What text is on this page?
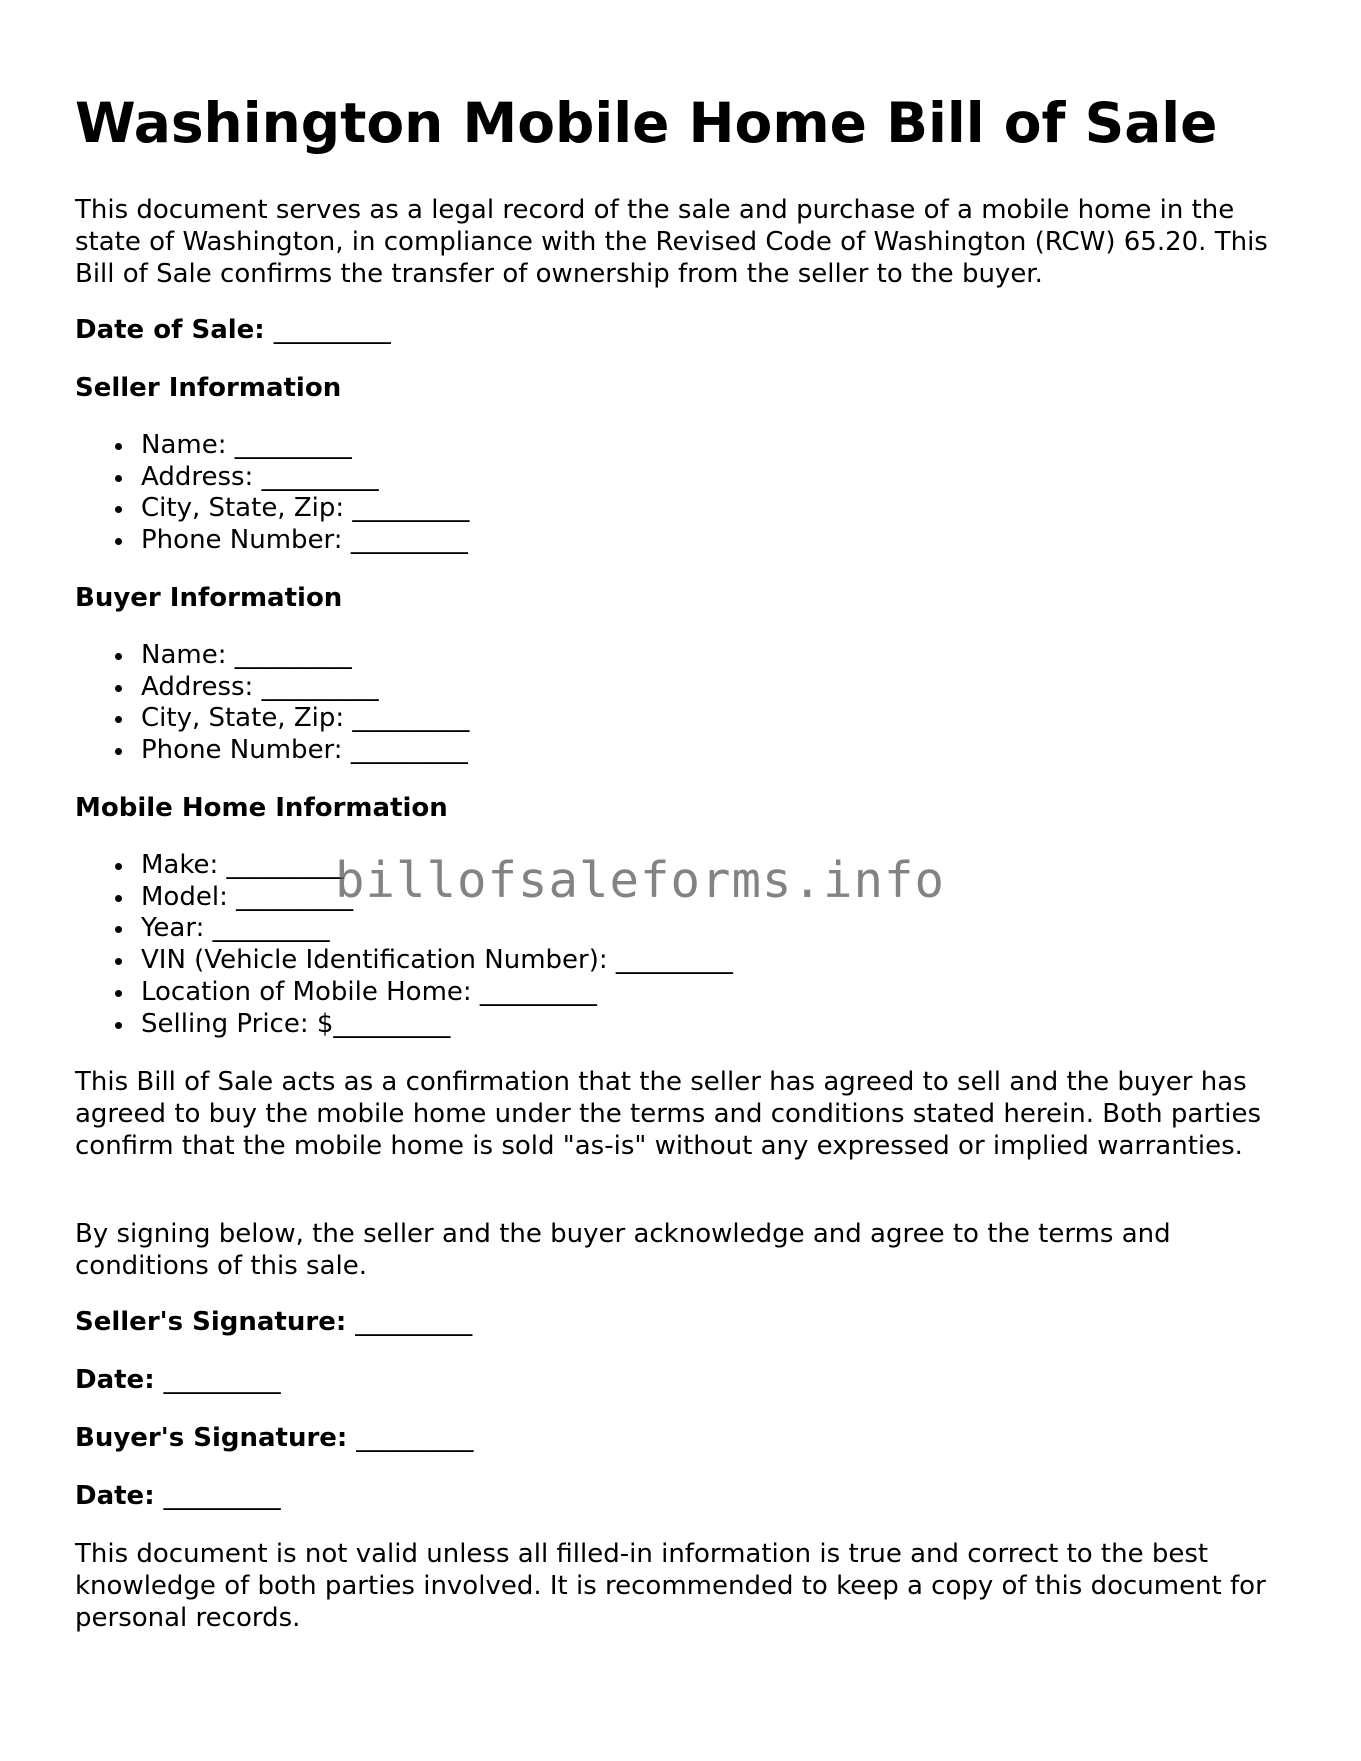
Washington Mobile Home Bill of Sale

This document serves as a legal record of the sale and purchase of a mobile home in the state of Washington, in compliance with the Revised Code of Washington (RCW) 65.20. This Bill of Sale confirms the transfer of ownership from the seller to the buyer.

Date of Sale: _________

Seller Information

Name: _________
Address: _________
City, State, Zip: _________
Phone Number: _________

Buyer Information

Name: _________
Address: _________
City, State, Zip: _________
Phone Number: _________

Mobile Home Information

Make: _________
Model: _________
Year: _________
VIN (Vehicle Identification Number): _________
Location of Mobile Home: _________
Selling Price: $_________

This Bill of Sale acts as a confirmation that the seller has agreed to sell and the buyer has agreed to buy the mobile home under the terms and conditions stated herein. Both parties confirm that the mobile home is sold "as-is" without any expressed or implied warranties.

By signing below, the seller and the buyer acknowledge and agree to the terms and conditions of this sale.

Seller's Signature: _________

Date: _________

Buyer's Signature: _________

Date: _________

This document is not valid unless all filled-in information is true and correct to the best knowledge of both parties involved. It is recommended to keep a copy of this document for personal records.

billofsaleforms.info
